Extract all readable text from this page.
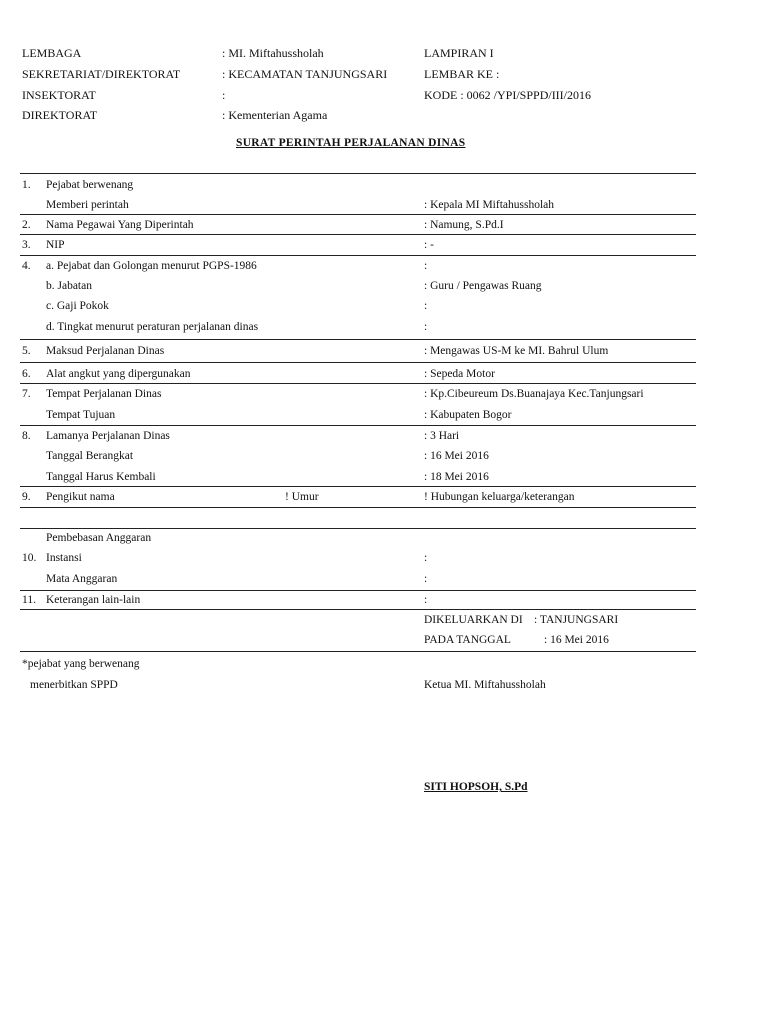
LEMBAGA	: MI. Miftahussholah	LAMPIRAN I
SEKRETARIAT/DIREKTORAT	: KECAMATAN TANJUNGSARI	LEMBAR KE :
INSEKTORAT	:	KODE : 0062 /YPI/SPPD/III/2016
DIREKTORAT	: Kementerian Agama
SURAT PERINTAH PERJALANAN DINAS
1. Pejabat berwenang
Memberi perintah	: Kepala MI Miftahussholah
2. Nama Pegawai Yang Diperintah	: Namung, S.Pd.I
3. NIP	: -
4. a. Pejabat dan Golongan menurut PGPS-1986	:
b. Jabatan	: Guru / Pengawas Ruang
c. Gaji Pokok	:
d. Tingkat menurut peraturan perjalanan dinas	:
5. Maksud Perjalanan Dinas	: Mengawas US-M ke MI. Bahrul Ulum
6. Alat angkut yang dipergunakan	: Sepeda Motor
7. Tempat Perjalanan Dinas	: Kp.Cibeureum Ds.Buanajaya Kec.Tanjungsari
Tempat Tujuan	: Kabupaten Bogor
8. Lamanya Perjalanan Dinas	: 3 Hari
Tanggal Berangkat	: 16 Mei 2016
Tanggal Harus Kembali	: 18 Mei 2016
9. Pengikut nama	! Umur	! Hubungan keluarga/keterangan
Pembebasan Anggaran
10. Instansi	:
Mata Anggaran	:
11. Keterangan lain-lain	:
DIKELUARKAN DI : TANJUNGSARI
PADA TANGGAL	: 16 Mei 2016
*pejabat yang berwenang
menerbitkan SPPD	Ketua MI. Miftahussholah
SITI HOPSOH, S.Pd
